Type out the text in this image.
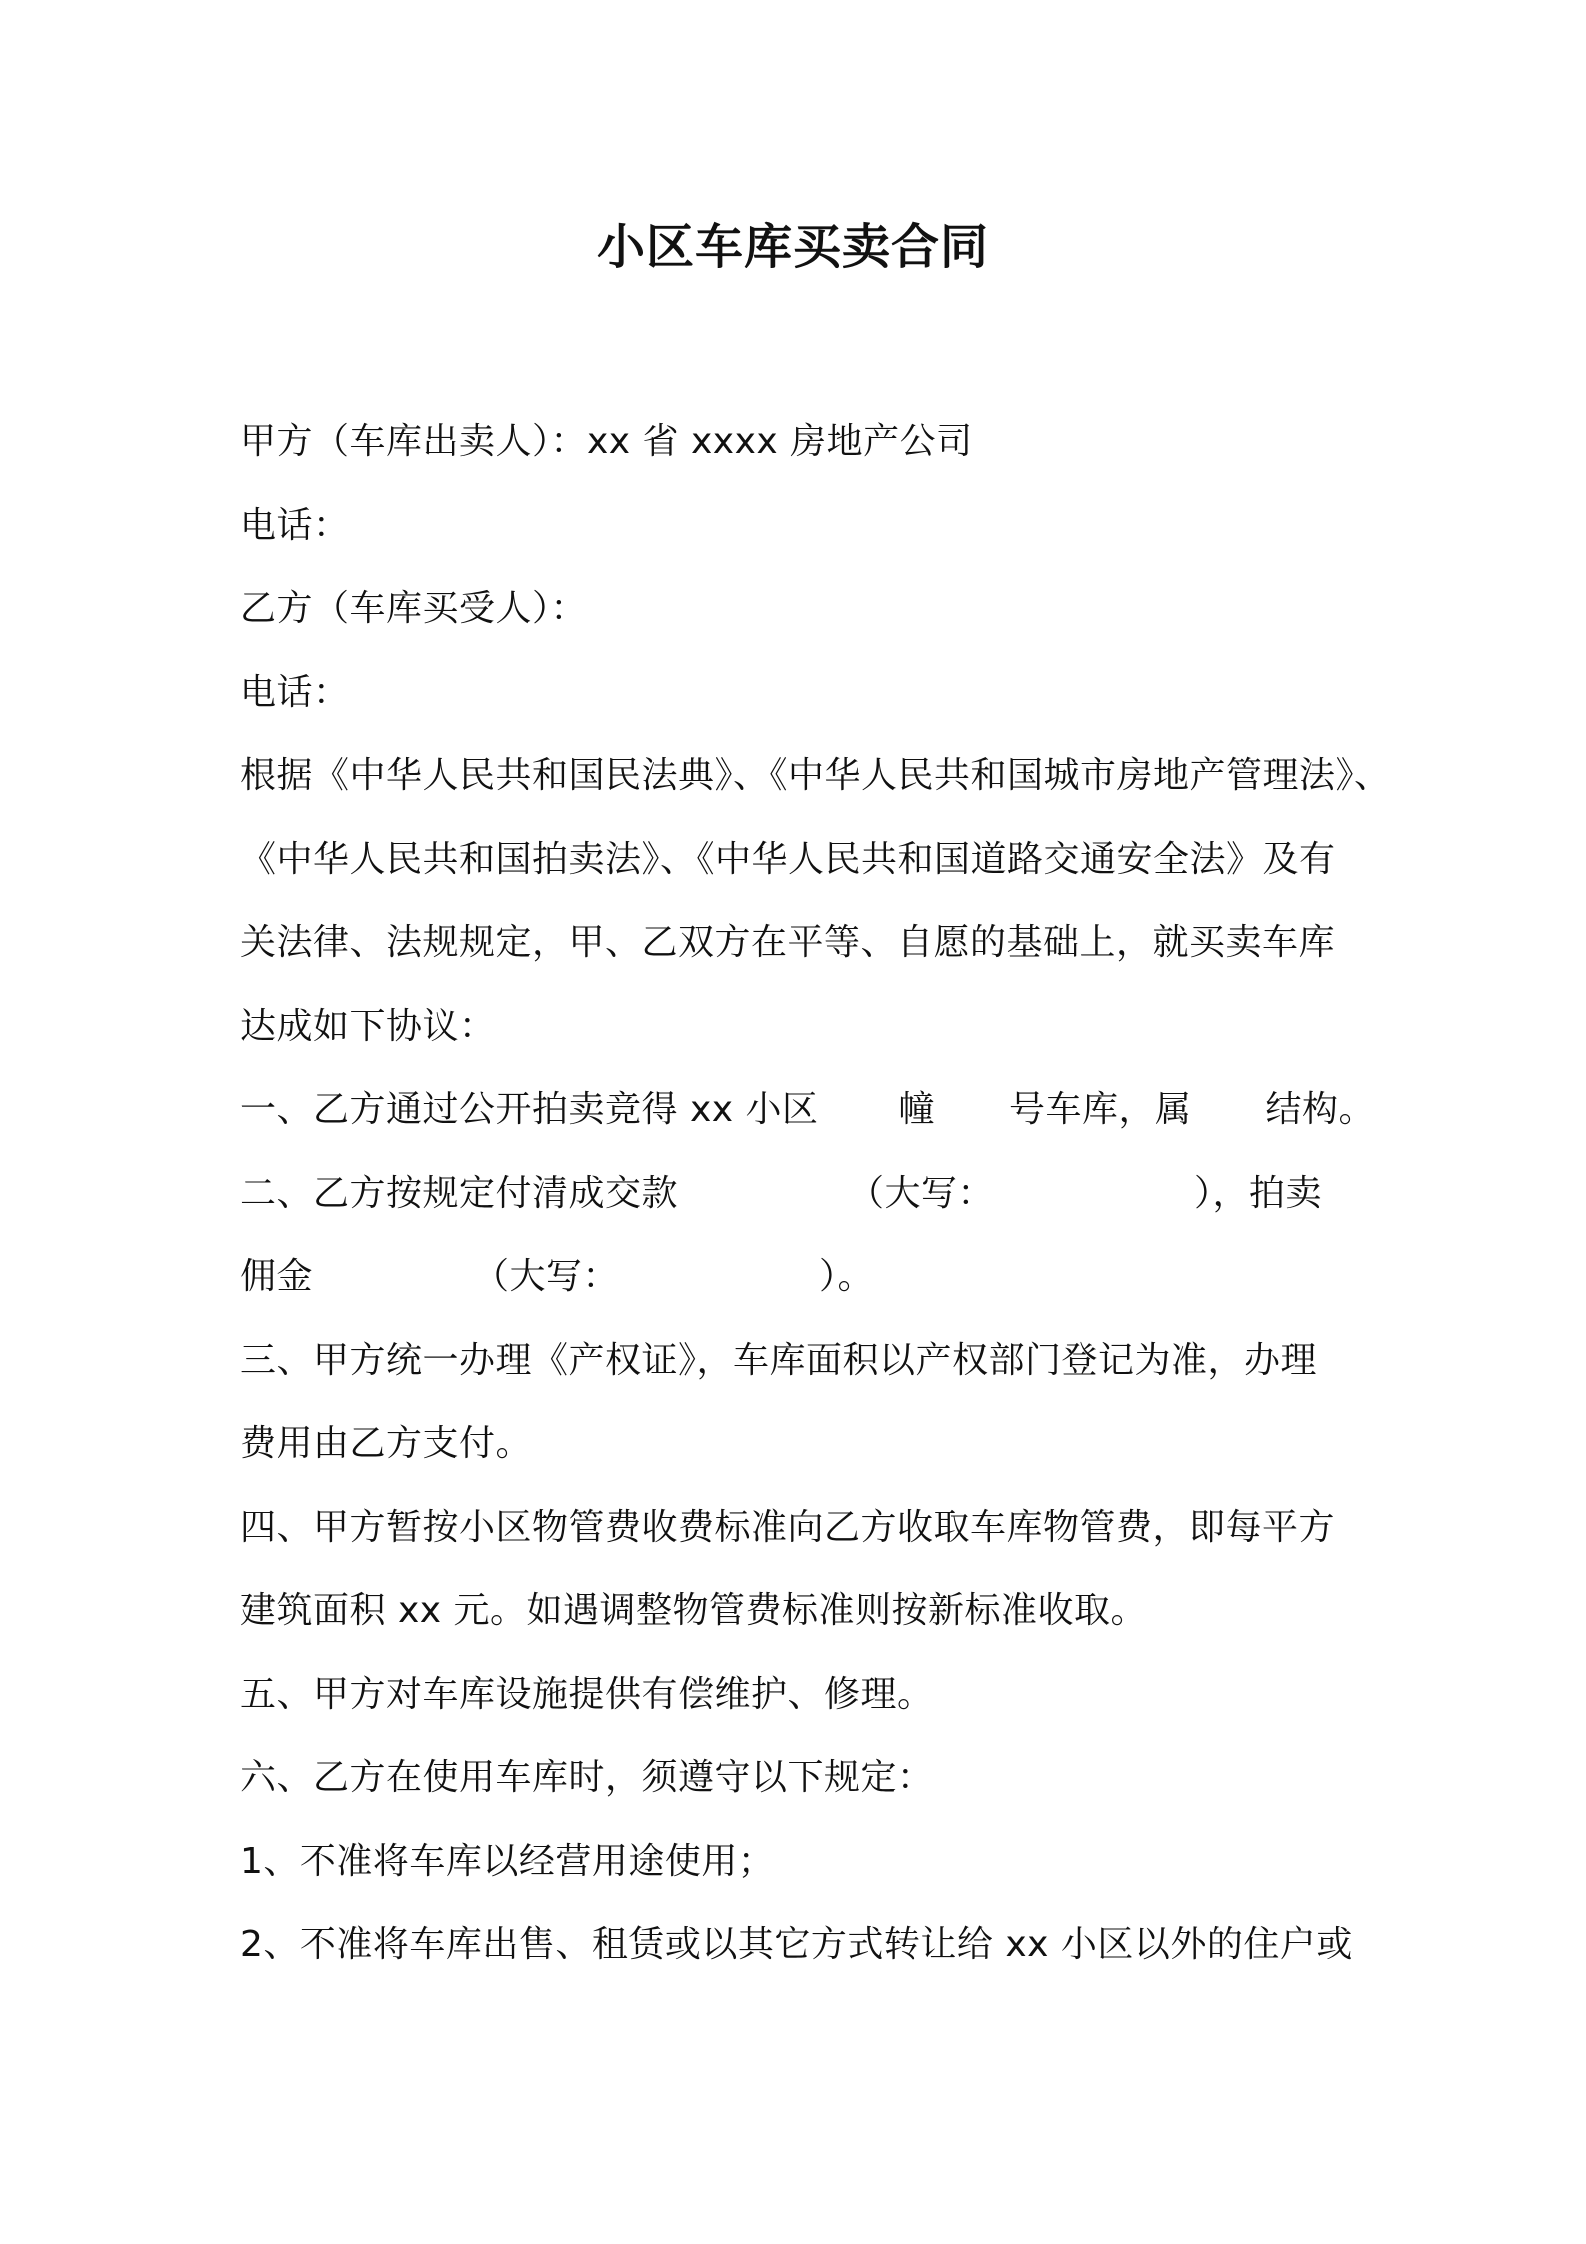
小区车库买卖合同
甲方（车库出卖人）：xx 省 xxxx 房地产公司
电话：
乙方（车库买受人）：
电话：
根据《中华人民共和国民法典》、《中华人民共和国城市房地产管理法》、
《中华人民共和国拍卖法》、《中华人民共和国道路交通安全法》及有
关法律、法规规定，甲、乙双方在平等、自愿的基础上，就买卖车库
达成如下协议：
一、乙方通过公开拍卖竞得 xx 小区 幢 号车库，属 结构。
二、乙方按规定付清成交款	（大写：	），拍卖
佣金	（大写：	）。
三、甲方统一办理《产权证》，车库面积以产权部门登记为准，办理
费用由乙方支付。
四、甲方暂按小区物管费收费标准向乙方收取车库物管费，即每平方
建筑面积 xx 元。如遇调整物管费标准则按新标准收取。
五、甲方对车库设施提供有偿维护、修理。
六、乙方在使用车库时，须遵守以下规定：
1、不准将车库以经营用途使用；
2、不准将车库出售、租赁或以其它方式转让给 xx 小区以外的住户或
